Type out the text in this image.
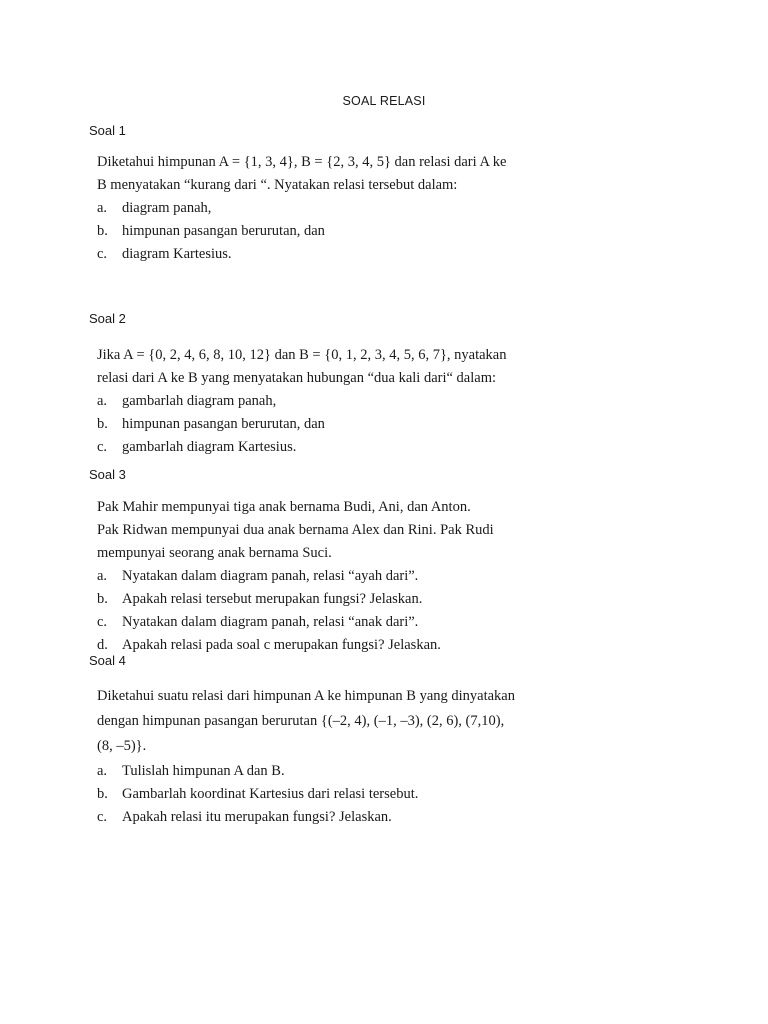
SOAL RELASI
Soal 1

Diketahui himpunan A = {1, 3, 4}, B = {2, 3, 4, 5} dan relasi dari A ke

B menyatakan “kurang dari “. Nyatakan relasi tersebut dalam:

a.	diagram panah,
b. himpunan pasangan berurutan, dan
c.	diagram Kartesius.
Soal 2

Jika A = {0, 2, 4, 6, 8, 10, 12} dan B = {0, 1, 2, 3, 4, 5, 6, 7}, nyatakan

relasi dari A ke B yang menyatakan hubungan “dua kali dari“ dalam:

a.	gambarlah diagram panah,
b. himpunan pasangan berurutan, dan
c.	gambarlah diagram Kartesius.
Soal 3

Pak Mahir mempunyai tiga anak bernama Budi, Ani, dan Anton.

Pak Ridwan mempunyai dua anak bernama Alex dan Rini. Pak Rudi

mempunyai seorang anak bernama Suci.

a.	Nyatakan dalam diagram panah, relasi “ayah dari”.
b. Apakah relasi tersebut merupakan fungsi? Jelaskan.
c.	Nyatakan dalam diagram panah, relasi “anak dari”.
d. Apakah relasi pada soal c merupakan fungsi? Jelaskan.
Soal 4

Diketahui suatu relasi dari himpunan A ke himpunan B yang dinyatakan

dengan himpunan pasangan berurutan {(–2, 4), (–1, –3), (2, 6), (7,10),

(8, –5)}.

a.	Tulislah himpunan A dan B.
b. Gambarlah koordinat Kartesius dari relasi tersebut.
c.	Apakah relasi itu merupakan fungsi? Jelaskan.
